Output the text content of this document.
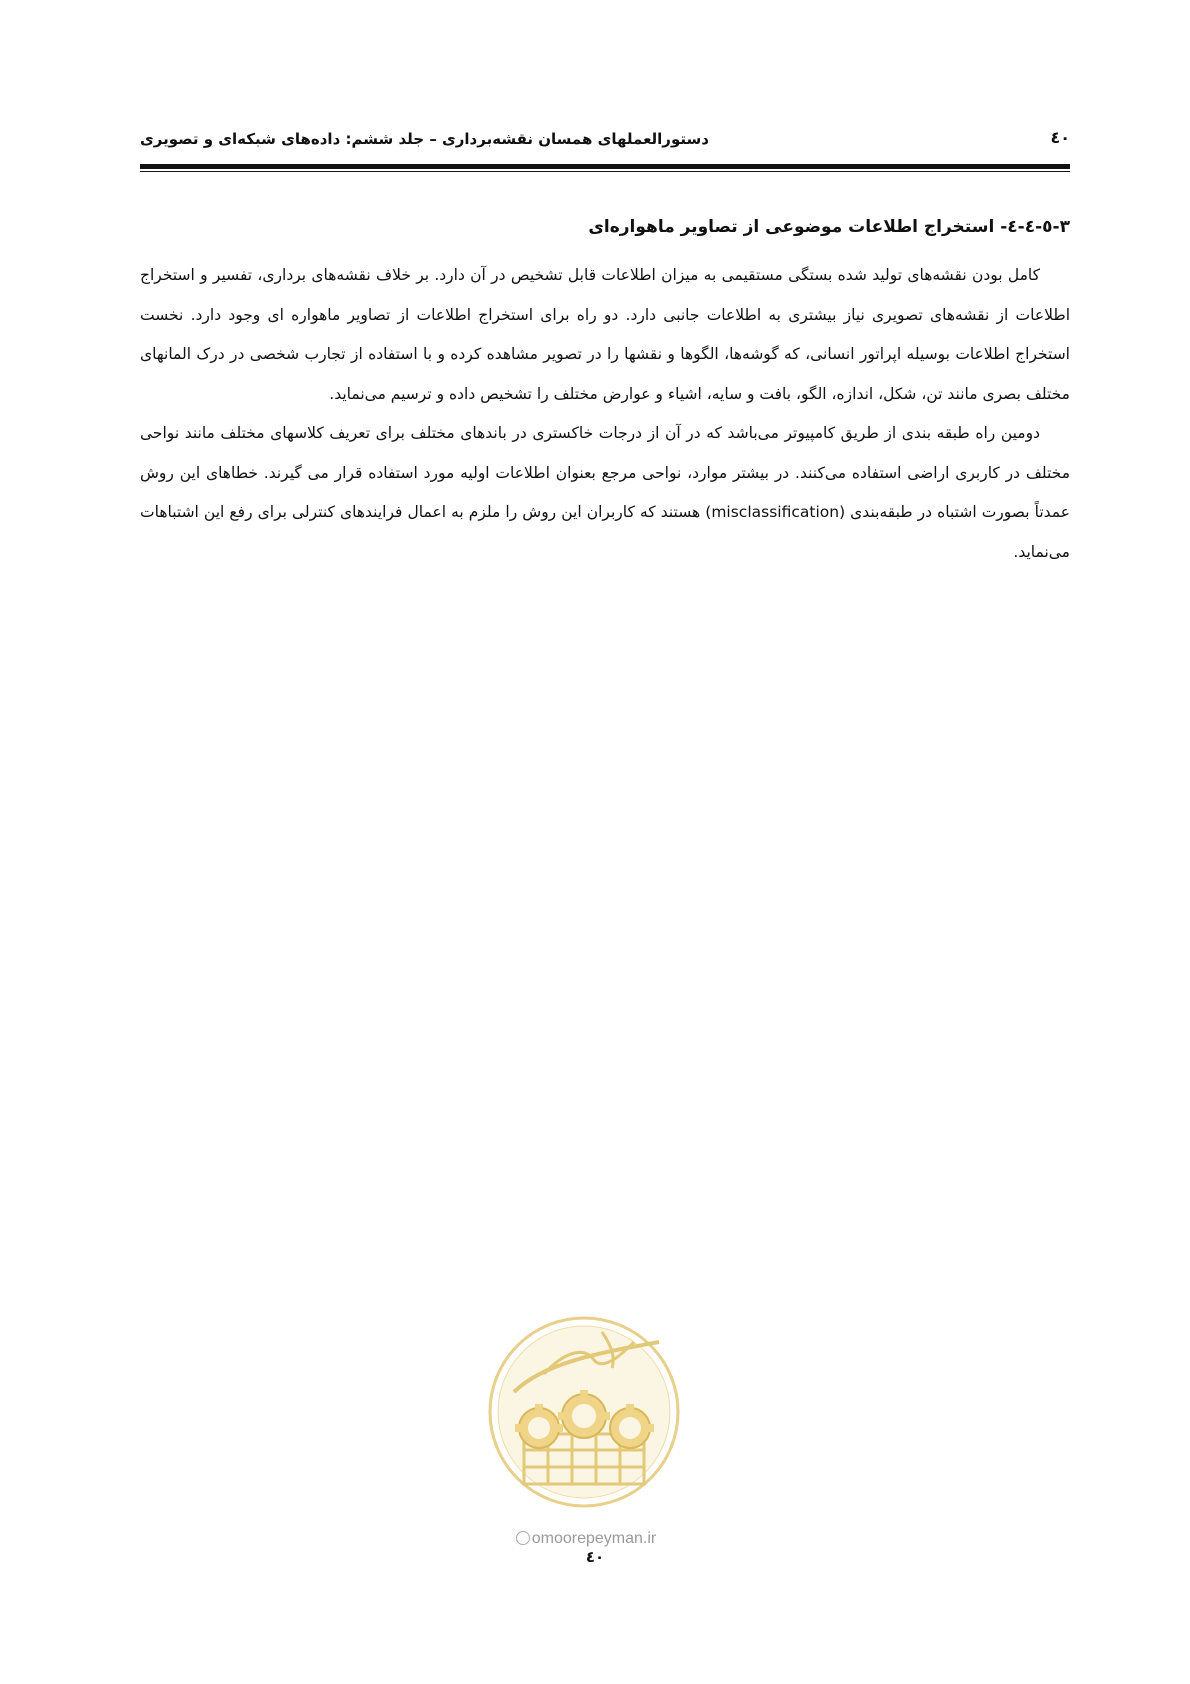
٤٠
دستورالعملهای همسان نقشه‌برداری – جلد ششم: داده‌های شبکه‌ای و تصویری
۳-٥-٤-٤- استخراج اطلاعات موضوعی از تصاویر ماهواره‌ای

کامل بودن نقشه‌های تولید شده بستگی مستقیمی به میزان اطلاعات قابل تشخیص در آن دارد. بر خلاف نقشه‌های برداری، تفسیر و استخراج اطلاعات از نقشه‌های تصویری نیاز بیشتری به اطلاعات جانبی دارد. دو راه برای استخراج اطلاعات از تصاویر ماهواره ای وجود دارد. نخست استخراج اطلاعات بوسیله اپراتور انسانی، که گوشه‌ها، الگوها و نقشها را در تصویر مشاهده کرده و با استفاده از تجارب شخصی در درک المانهای مختلف بصری مانند تن، شکل، اندازه، الگو، بافت و سایه، اشیاء و عوارض مختلف را تشخیص داده و ترسیم می‌نماید.

دومین راه طبقه بندی از طریق کامپیوتر می‌باشد که در آن از درجات خاکستری در باندهای مختلف برای تعریف کلاسهای مختلف مانند نواحی مختلف در کاربری اراضی استفاده می‌کنند. در بیشتر موارد، نواحی مرجع بعنوان اطلاعات اولیه مورد استفاده قرار می گیرند. خطاهای این روش عمدتاً بصورت اشتباه در طبقه‌بندی (misclassification) هستند که کاربران این روش را ملزم به اعمال فرایندهای کنترلی برای رفع این اشتباهات می‌نماید.

omoorepeyman.ir
٤٠
